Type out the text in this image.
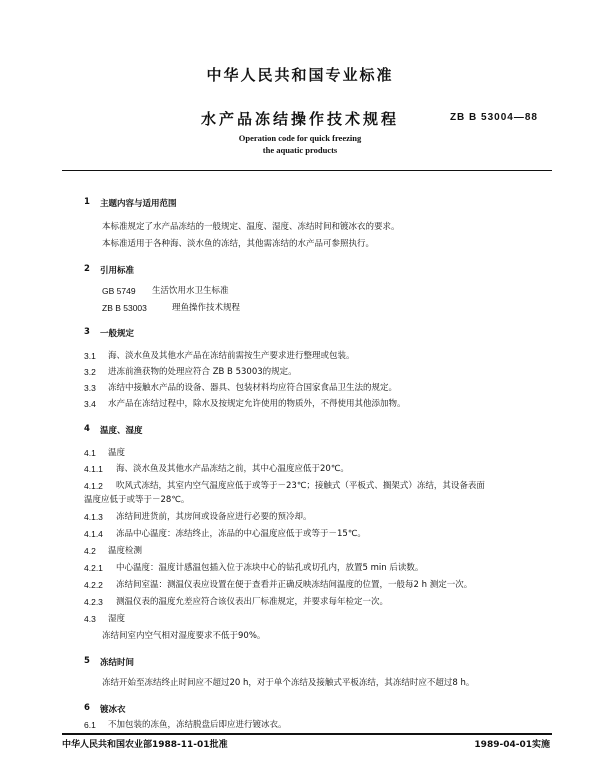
中华人民共和国专业标准
水产品冻结操作技术规程	ZB B 53004—88
Operation code for quick freezing
the aquatic products
1 主题内容与适用范围
本标准规定了水产品冻结的一般规定、温度、湿度、冻结时间和镀冰衣的要求。
本标准适用于各种海、淡水鱼的冻结，其他需冻结的水产品可参照执行。
2 引用标准
GB 5749 生活饮用水卫生标准
ZB B 53003	理鱼操作技术规程
3 一般规定
3.1 海、淡水鱼及其他水产品在冻结前需按生产要求进行整理或包装。
3.2 进冻前渔获物的处理应符合 ZB B 53003的规定。
3.3 冻结中接触水产品的设备、器具、包装材料均应符合国家食品卫生法的规定。
3.4 水产品在冻结过程中，除水及按规定允许使用的物质外，不得使用其他添加物。
4 温度、湿度
4.1 温度
4.1.1 海、淡水鱼及其他水产品冻结之前，其中心温度应低于20℃。
4.1.2 吹风式冻结，其室内空气温度应低于或等于－23℃；接触式（平板式、搁架式）冻结，其设备表面
温度应低于或等于－28℃。
4.1.3 冻结间进货前，其房间或设备应进行必要的预冷却。
4.1.4 冻品中心温度：冻结终止，冻品的中心温度应低于或等于－15℃。
4.2 温度检测
4.2.1 中心温度：温度计感温包插入位于冻块中心的钻孔或切孔内，放置5 min 后读数。
4.2.2 冻结间室温：测温仪表应设置在便于查看并正确反映冻结间温度的位置，一般每2 h 测定一次。
4.2.3 测温仪表的温度允差应符合该仪表出厂标准规定，并要求每年检定一次。
4.3 湿度
冻结间室内空气相对湿度要求不低于90%。
5 冻结时间
冻结开始至冻结终止时间应不超过20 h，对于单个冻结及接触式平板冻结，其冻结时应不超过8 h。
6 镀冰衣
6.1 不加包装的冻鱼，冻结脱盘后即应进行镀冰衣。
中华人民共和国农业部1988-11-01批准	1989-04-01实施
